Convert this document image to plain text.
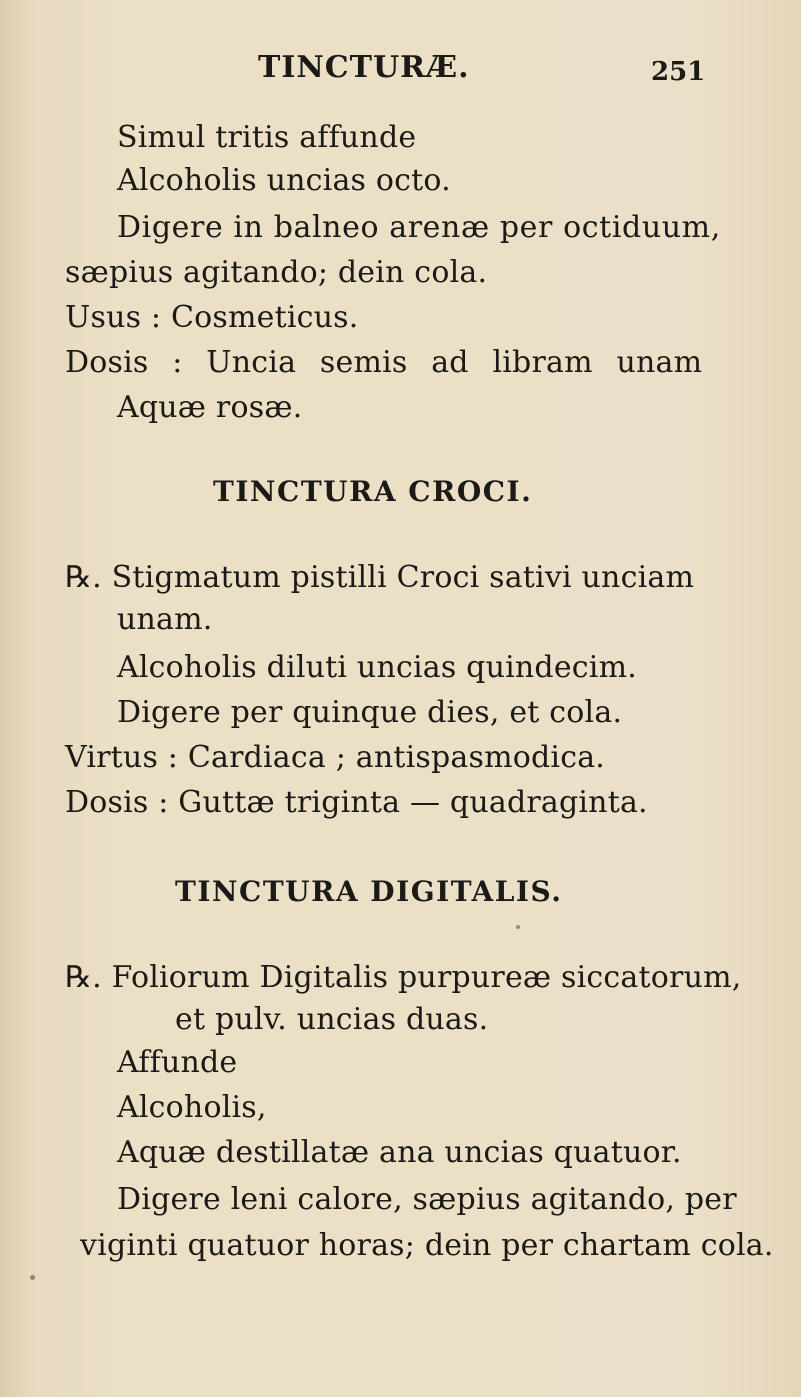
TINCTURÆ.	251
Simul tritis affunde
Alcoholis uncias octo.
Digere in balneo arenæ per octiduum,
sæpius agitando; dein cola.
Usus : Cosmeticus.
Dosis : Uncia semis ad libram unam
Aquæ rosæ.
TINCTURA CROCI.
℞. Stigmatum pistilli Croci sativi unciam
unam.
Alcoholis diluti uncias quindecim.
Digere per quinque dies, et cola.
Virtus : Cardiaca ; antispasmodica.
Dosis : Guttæ triginta — quadraginta.
TINCTURA DIGITALIS.
℞. Foliorum Digitalis purpureæ siccatorum,
et pulv. uncias duas.
Affunde
Alcoholis,
Aquæ destillatæ ana uncias quatuor.
Digere leni calore, sæpius agitando, per
viginti quatuor horas; dein per chartam cola.
